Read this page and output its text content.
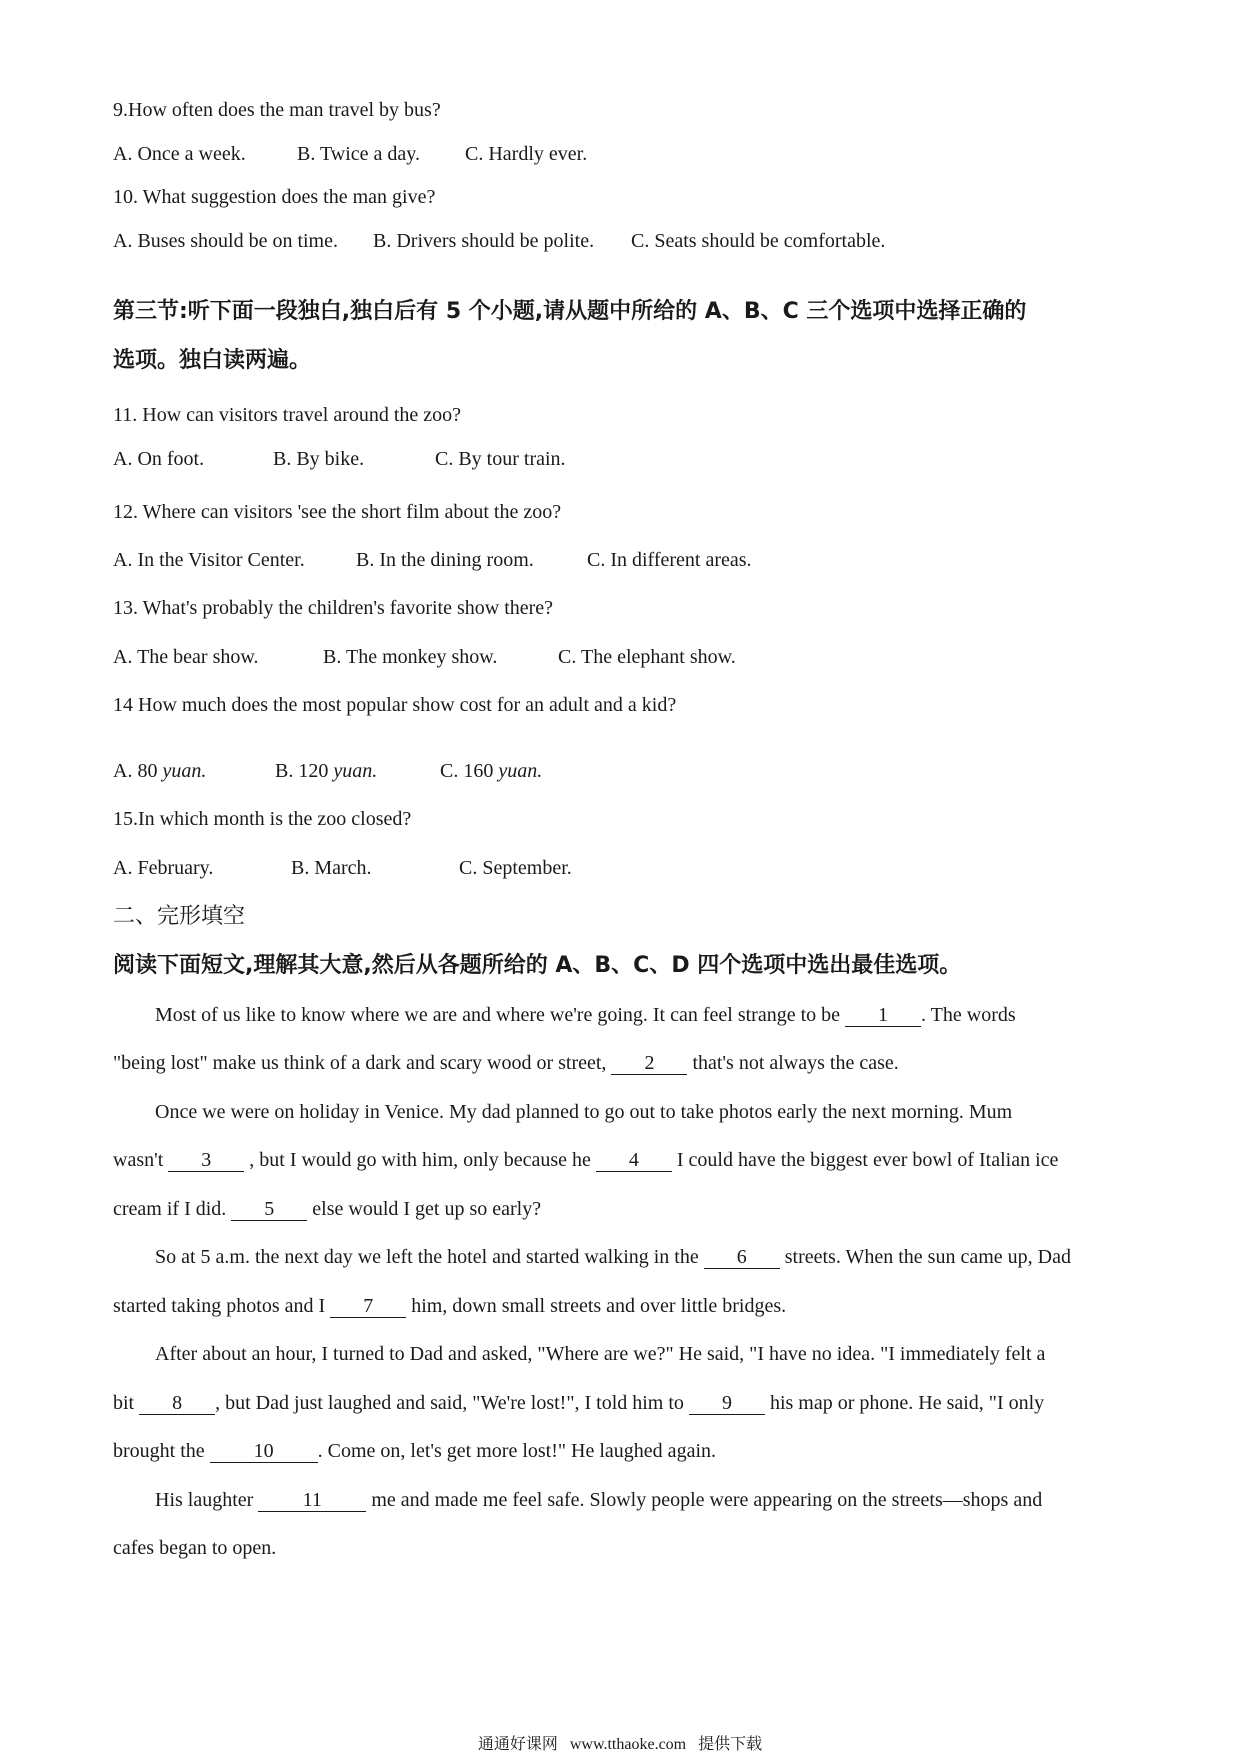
9.How often does the man travel by bus?
A. Once a week.	B. Twice a day. C. Hardly ever.
10. What suggestion does the man give?
A. Buses should be on time. B. Drivers should be polite. C. Seats should be comfortable.
第三节:听下面一段独白,独白后有 5 个小题,请从题中所给的 A、B、C 三个选项中选择正确的
选项。独白读两遍。
11. How can visitors travel around the zoo?
A. On foot.	B. By bike.	C. By tour train.
12. Where can visitors 'see the short film about the zoo?
A. In the Visitor Center.	B. In the dining room.	C. In different areas.
13. What's probably the children's favorite show there?
A. The bear show.	B. The monkey show.	C. The elephant show.
14 How much does the most popular show cost for an adult and a kid?
A. 80 yuan.	B. 120 yuan.	C. 160 yuan.
15.In which month is the zoo closed?
A. February.	B. March.	C. September.
二、完形填空
阅读下面短文,理解其大意,然后从各题所给的 A、B、C、D 四个选项中选出最佳选项。
Most of us like to know where we are and where we're going. It can feel strange to be 1 . The words
"being lost" make us think of a dark and scary wood or street, 2 that's not always the case.
Once we were on holiday in Venice. My dad planned to go out to take photos early the next morning. Mum
wasn't 3 , but I would go with him, only because he 4 I could have the biggest ever bowl of Italian ice
cream if I did. 5 else would I get up so early?
So at 5 a.m. the next day we left the hotel and started walking in the 6 streets. When the sun came up, Dad
started taking photos and I 7 him, down small streets and over little bridges.
After about an hour, I turned to Dad and asked, "Where are we?" He said, "I have no idea. "I immediately felt a
bit 8 , but Dad just laughed and said, "We're lost!", I told him to 9 his map or phone. He said, "I only
brought the 10 . Come on, let's get more lost!" He laughed again.
His laughter 11 me and made me feel safe. Slowly people were appearing on the streets—shops and
cafes began to open.
通通好课网 www.tthaoke.com 提供下载
